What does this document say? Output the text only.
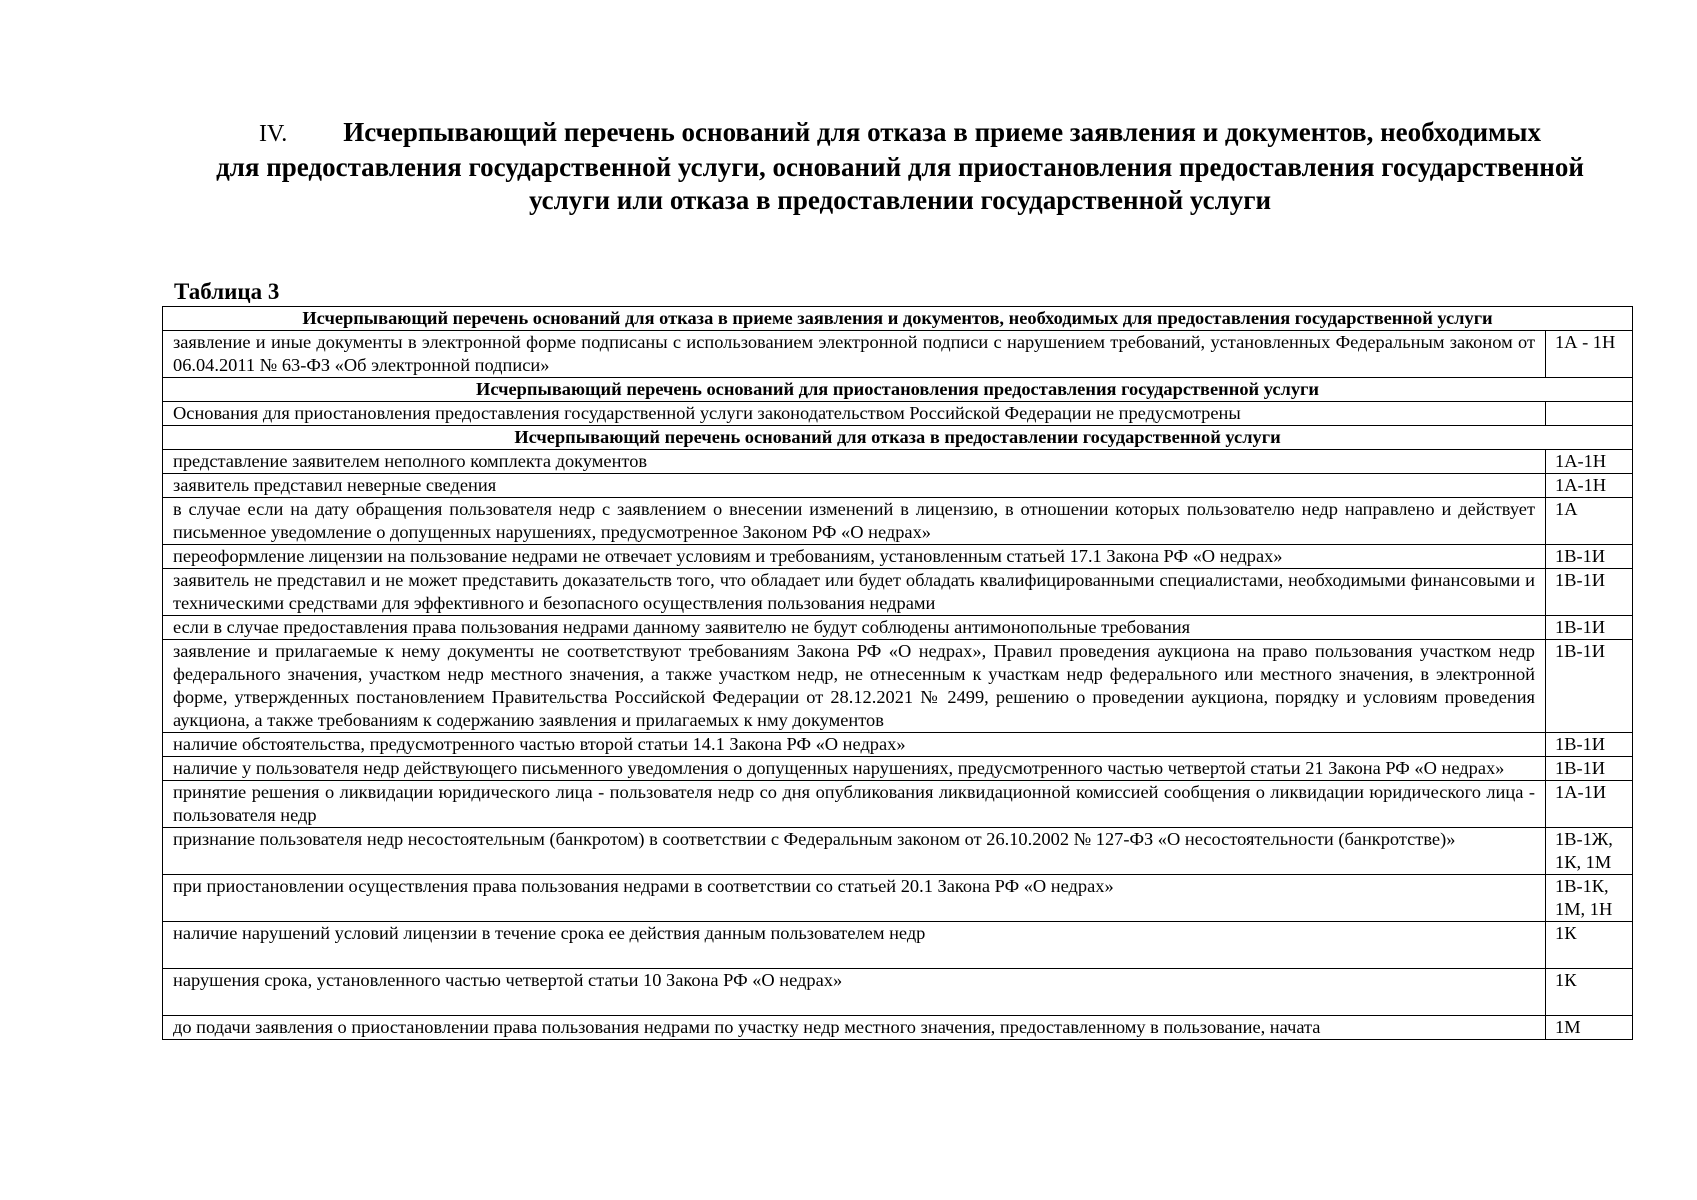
IV. Исчерпывающий перечень оснований для отказа в приеме заявления и документов, необходимых
для предоставления государственной услуги, оснований для приостановления предоставления государственной
услуги или отказа в предоставлении государственной услуги
Таблица 3
Исчерпывающий перечень оснований для отказа в приеме заявления и документов, необходимых для предоставления государственной услуги	
заявление и иные документы в электронной форме подписаны с использованием электронной подписи с нарушением требований, установленных Федеральным законом от 06.04.2011 № 63-ФЗ «Об электронной подписи»	1А - 1Н
Исчерпывающий перечень оснований для приостановления предоставления государственной услуги	
Основания для приостановления предоставления государственной услуги законодательством Российской Федерации не предусмотрены	
Исчерпывающий перечень оснований для отказа в предоставлении государственной услуги	
представление заявителем неполного комплекта документов	1А-1Н
заявитель представил неверные сведения	1А-1Н
в случае если на дату обращения пользователя недр с заявлением о внесении изменений в лицензию, в отношении которых пользователю недр направлено и действует письменное уведомление о допущенных нарушениях, предусмотренное Законом РФ «О недрах»	1А
переоформление лицензии на пользование недрами не отвечает условиям и требованиям, установленным статьей 17.1 Закона РФ «О недрах»	1В-1И
заявитель не представил и не может представить доказательств того, что обладает или будет обладать квалифицированными специалистами, необходимыми финансовыми и техническими средствами для эффективного и безопасного осуществления пользования недрами	1В-1И
если в случае предоставления права пользования недрами данному заявителю не будут соблюдены антимонопольные требования	1В-1И
заявление и прилагаемые к нему документы не соответствуют требованиям Закона РФ «О недрах», Правил проведения аукциона на право пользования участком недр федерального значения, участком недр местного значения, а также участком недр, не отнесенным к участкам недр федерального или местного значения, в электронной форме, утвержденных постановлением Правительства Российской Федерации от 28.12.2021 № 2499, решению о проведении аукциона, порядку и условиям проведения аукциона, а также требованиям к содержанию заявления и прилагаемых к нму документов	1В-1И
наличие обстоятельства, предусмотренного частью второй статьи 14.1 Закона РФ «О недрах»	1В-1И
наличие у пользователя недр действующего письменного уведомления о допущенных нарушениях, предусмотренного частью четвертой статьи 21 Закона РФ «О недрах»	1В-1И
принятие решения о ликвидации юридического лица - пользователя недр со дня опубликования ликвидационной комиссией сообщения о ликвидации юридического лица - пользователя недр	1А-1И
признание пользователя недр несостоятельным (банкротом) в соответствии с Федеральным законом от 26.10.2002 № 127-ФЗ «О несостоятельности (банкротстве)»	1В-1Ж, 1К, 1М
при приостановлении осуществления права пользования недрами в соответствии со статьей 20.1 Закона РФ «О недрах»	1В-1К, 1М, 1Н
наличие нарушений условий лицензии в течение срока ее действия данным пользователем недр	1К
нарушения срока, установленного частью четвертой статьи 10 Закона РФ «О недрах»	1К
до подачи заявления о приостановлении права пользования недрами по участку недр местного значения, предоставленному в пользование, начата	1М
